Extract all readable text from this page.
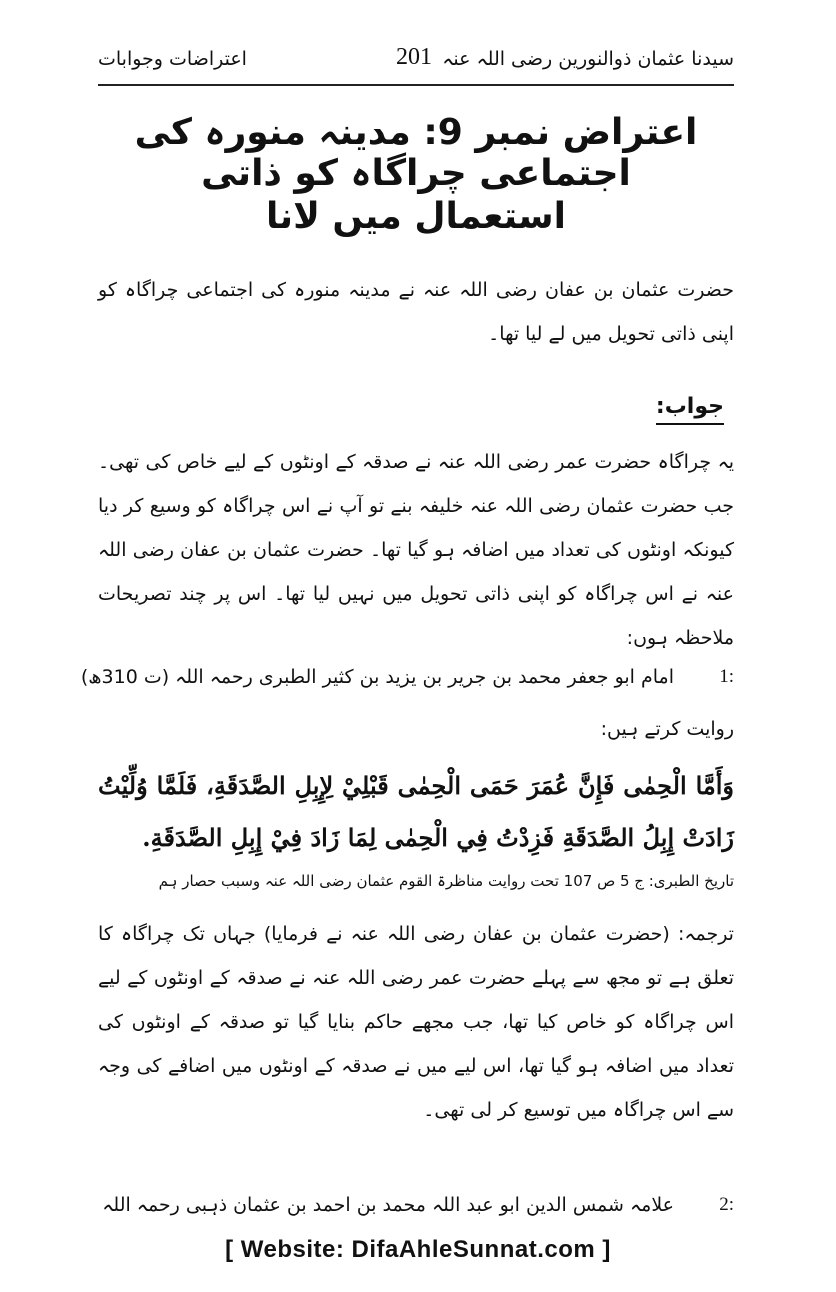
سیدنا عثمان ذوالنورین رضی اللہ عنہ
201
اعتراضات وجوابات
اعتراض نمبر 9: مدینہ منورہ کی اجتماعی چراگاہ کو ذاتی
استعمال میں لانا
حضرت عثمان بن عفان رضی اللہ عنہ نے مدینہ منورہ کی اجتماعی چراگاہ کو اپنی ذاتی تحویل میں لے لیا تھا۔
جواب:
یہ چراگاہ حضرت عمر رضی اللہ عنہ نے صدقہ کے اونٹوں کے لیے خاص کی تھی۔ جب حضرت عثمان رضی اللہ عنہ خلیفہ بنے تو آپ نے اس چراگاہ کو وسیع کر دیا کیونکہ اونٹوں کی تعداد میں اضافہ ہو گیا تھا۔ حضرت عثمان بن عفان رضی اللہ عنہ نے اس چراگاہ کو اپنی ذاتی تحویل میں نہیں لیا تھا۔ اس پر چند تصریحات ملاحظہ ہوں:
1:
امام ابو جعفر محمد بن جریر بن یزید بن کثیر الطبری رحمہ اللہ (ت 310ھ)
روایت کرتے ہیں:
وَأَمَّا الْحِمٰى فَإِنَّ عُمَرَ حَمَى الْحِمٰى قَبْلِيْ لِإِبِلِ الصَّدَقَةِ، فَلَمَّا وُلِّيْتُ زَادَتْ إِبِلُ الصَّدَقَةِ فَزِدْتُ فِي الْحِمٰى لِمَا زَادَ فِيْ إِبِلِ الصَّدَقَةِ.
تاریخ الطبری: ج 5 ص 107 تحت روایت مناظرۃ القوم عثمان رضی اللہ عنہ وسبب حصار ہم
ترجمہ: (حضرت عثمان بن عفان رضی اللہ عنہ نے فرمایا) جہاں تک چراگاہ کا تعلق ہے تو مجھ سے پہلے حضرت عمر رضی اللہ عنہ نے صدقہ کے اونٹوں کے لیے اس چراگاہ کو خاص کیا تھا، جب مجھے حاکم بنایا گیا تو صدقہ کے اونٹوں کی تعداد میں اضافہ ہو گیا تھا، اس لیے میں نے صدقہ کے اونٹوں میں اضافے کی وجہ سے اس چراگاہ میں توسیع کر لی تھی۔
2:
علامہ شمس الدین ابو عبد اللہ محمد بن احمد بن عثمان ذہبی رحمہ اللہ
[ Website: DifaAhleSunnat.com ]
